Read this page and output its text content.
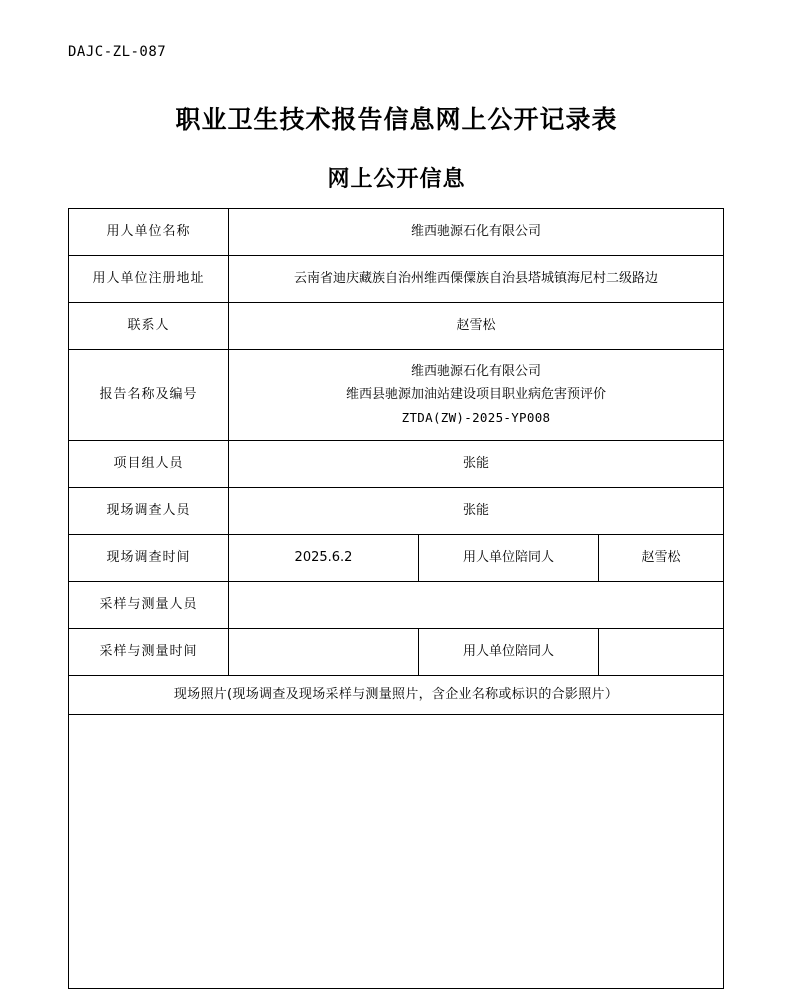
DAJC-ZL-087
职业卫生技术报告信息网上公开记录表
网上公开信息
用人单位名称	维西驰源石化有限公司		
用人单位注册地址	云南省迪庆藏族自治州维西傈僳族自治县塔城镇海尼村二级路边		
联系人	赵雪松		
报告名称及编号	维西驰源石化有限公司
维西县驰源加油站建设项目职业病危害预评价
ZTDA(ZW)-2025-YP008		

项目组人员	张能		
现场调查人员	张能		
现场调查时间	2025.6.2	用人单位陪同人	赵雪松
采样与测量人员			
采样与测量时间		用人单位陪同人	
现场照片(现场调查及现场采样与测量照片，含企业名称或标识的合影照片）			
